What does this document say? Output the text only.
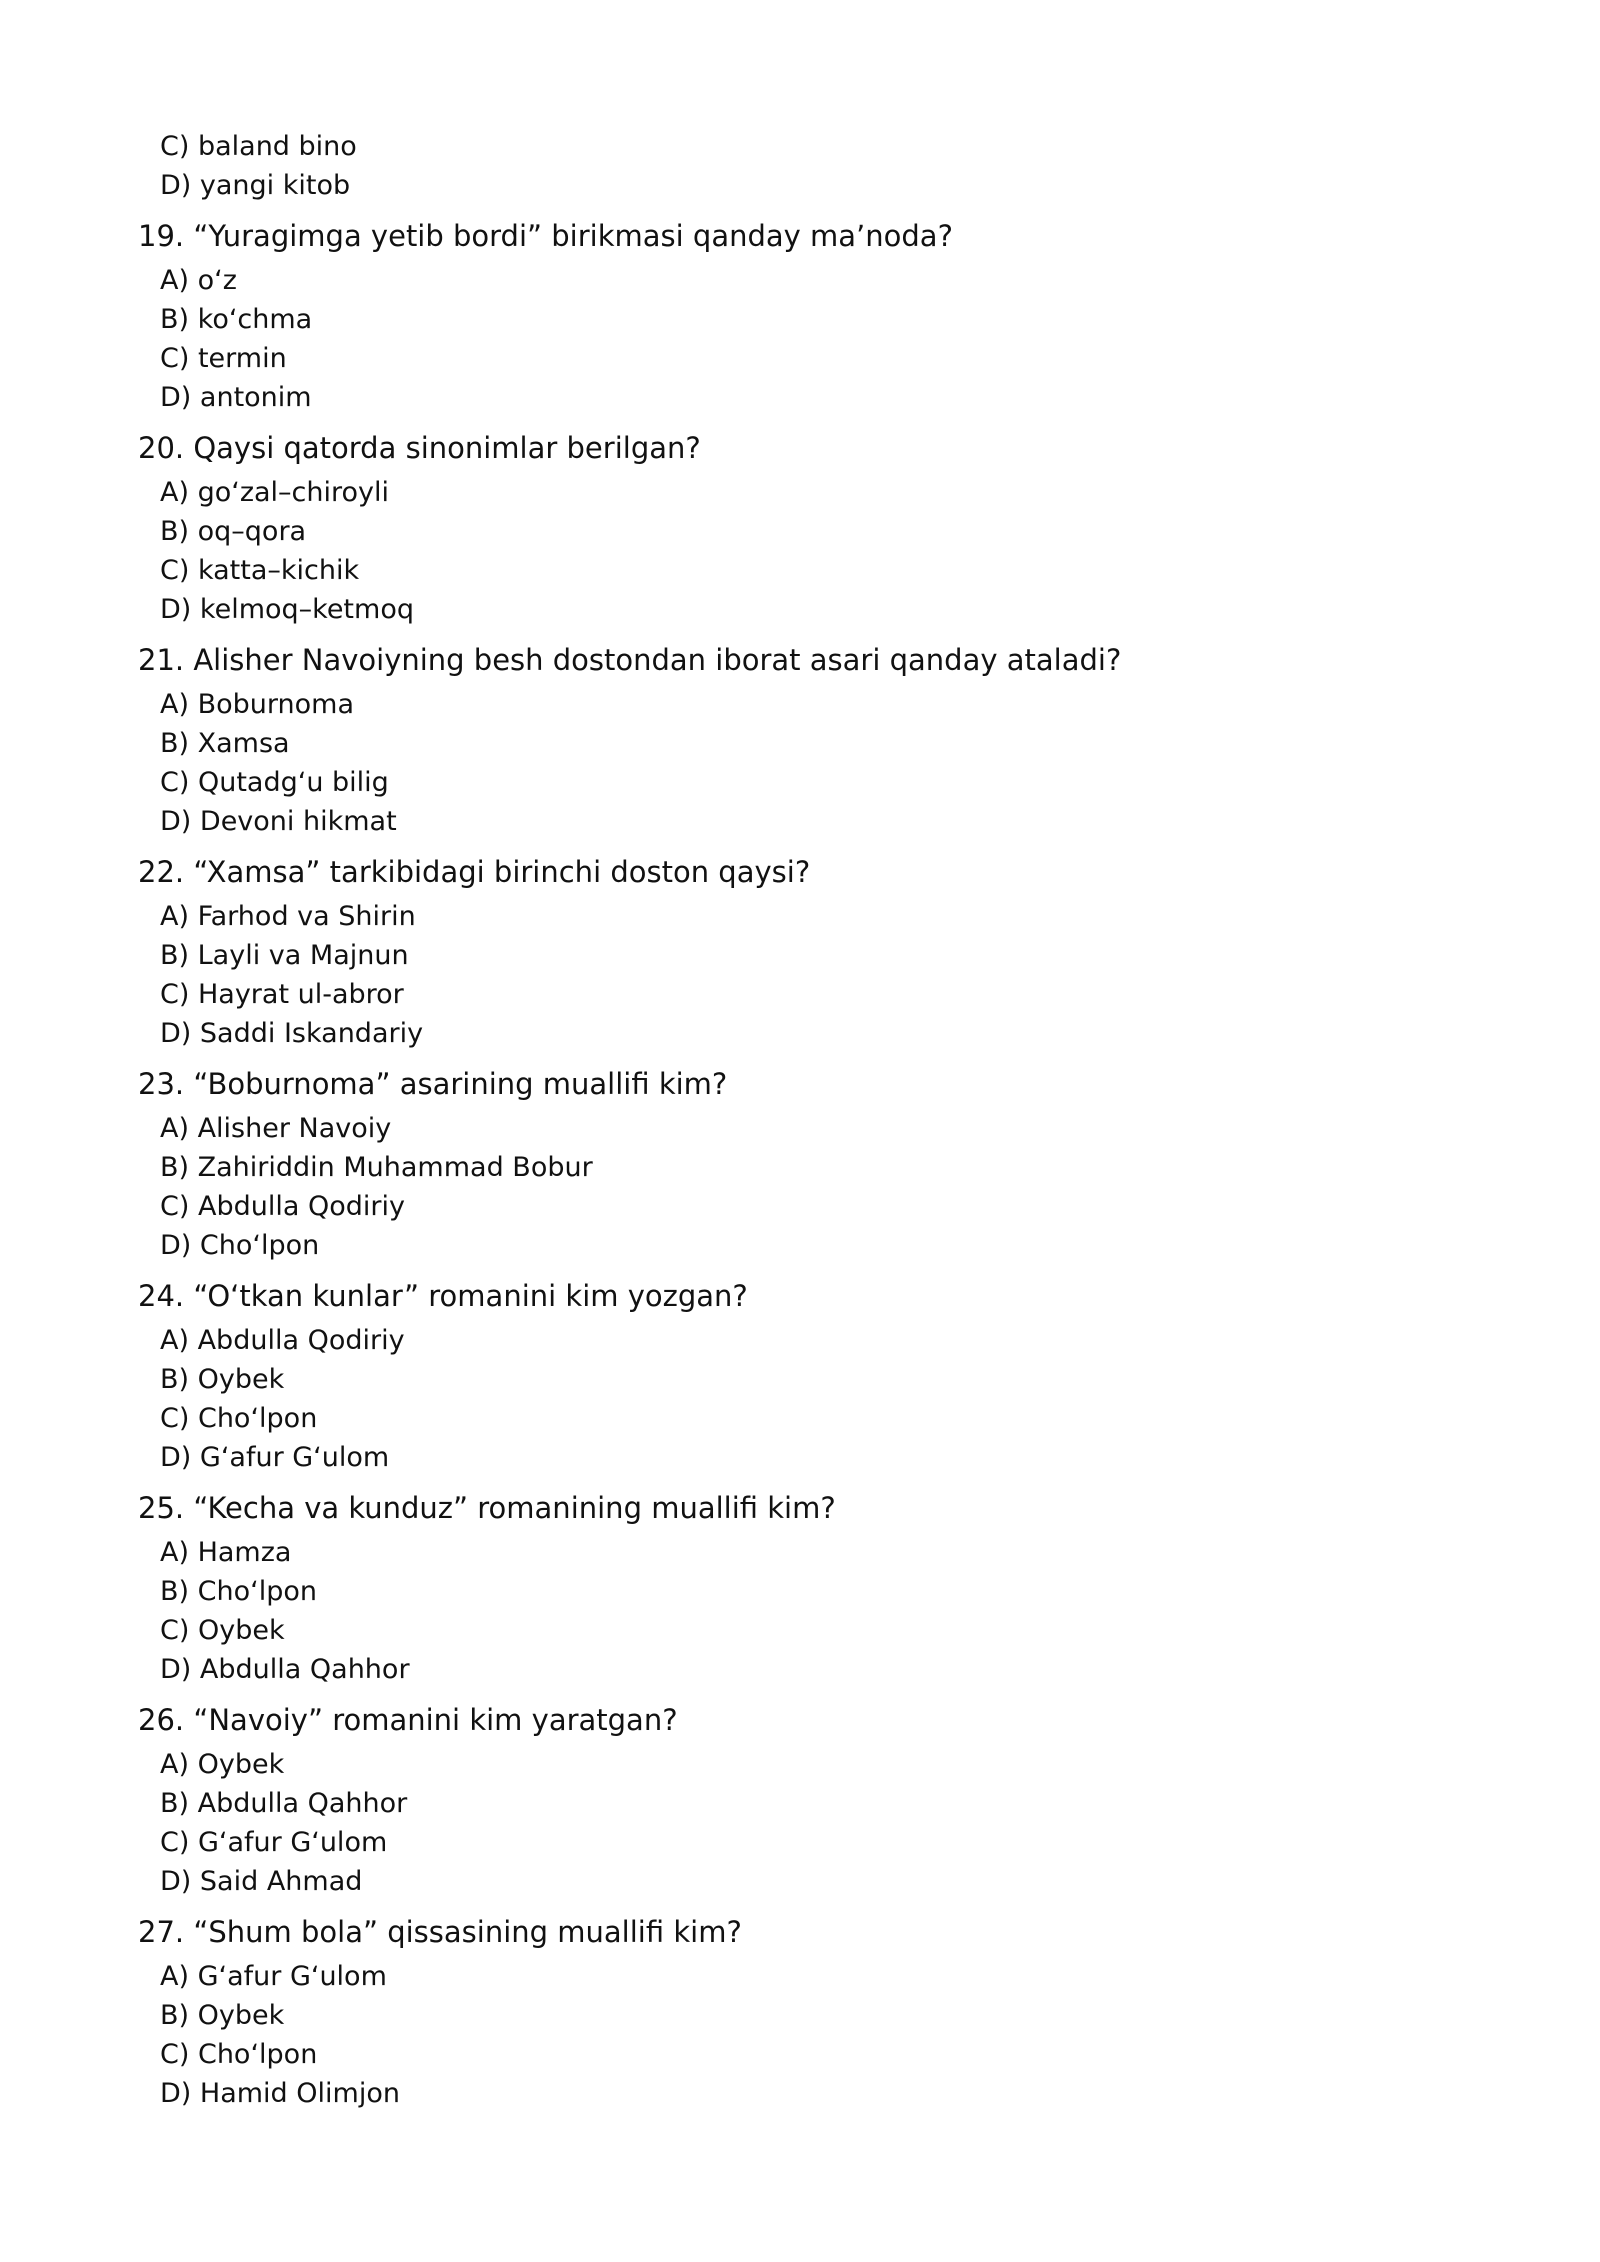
C) baland bino
D) yangi kitob
19. “Yuragimga yetib bordi” birikmasi qanday ma’noda?
A) oʻz
B) koʻchma
C) termin
D) antonim
20. Qaysi qatorda sinonimlar berilgan?
A) goʻzal–chiroyli
B) oq–qora
C) katta–kichik
D) kelmoq–ketmoq
21. Alisher Navoiyning besh dostondan iborat asari qanday ataladi?
A) Boburnoma
B) Xamsa
C) Qutadgʻu bilig
D) Devoni hikmat
22. “Xamsa” tarkibidagi birinchi doston qaysi?
A) Farhod va Shirin
B) Layli va Majnun
C) Hayrat ul-abror
D) Saddi Iskandariy
23. “Boburnoma” asarining muallifi kim?
A) Alisher Navoiy
B) Zahiriddin Muhammad Bobur
C) Abdulla Qodiriy
D) Choʻlpon
24. “Oʻtkan kunlar” romanini kim yozgan?
A) Abdulla Qodiriy
B) Oybek
C) Choʻlpon
D) Gʻafur Gʻulom
25. “Kecha va kunduz” romanining muallifi kim?
A) Hamza
B) Choʻlpon
C) Oybek
D) Abdulla Qahhor
26. “Navoiy” romanini kim yaratgan?
A) Oybek
B) Abdulla Qahhor
C) Gʻafur Gʻulom
D) Said Ahmad
27. “Shum bola” qissasining muallifi kim?
A) Gʻafur Gʻulom
B) Oybek
C) Choʻlpon
D) Hamid Olimjon
